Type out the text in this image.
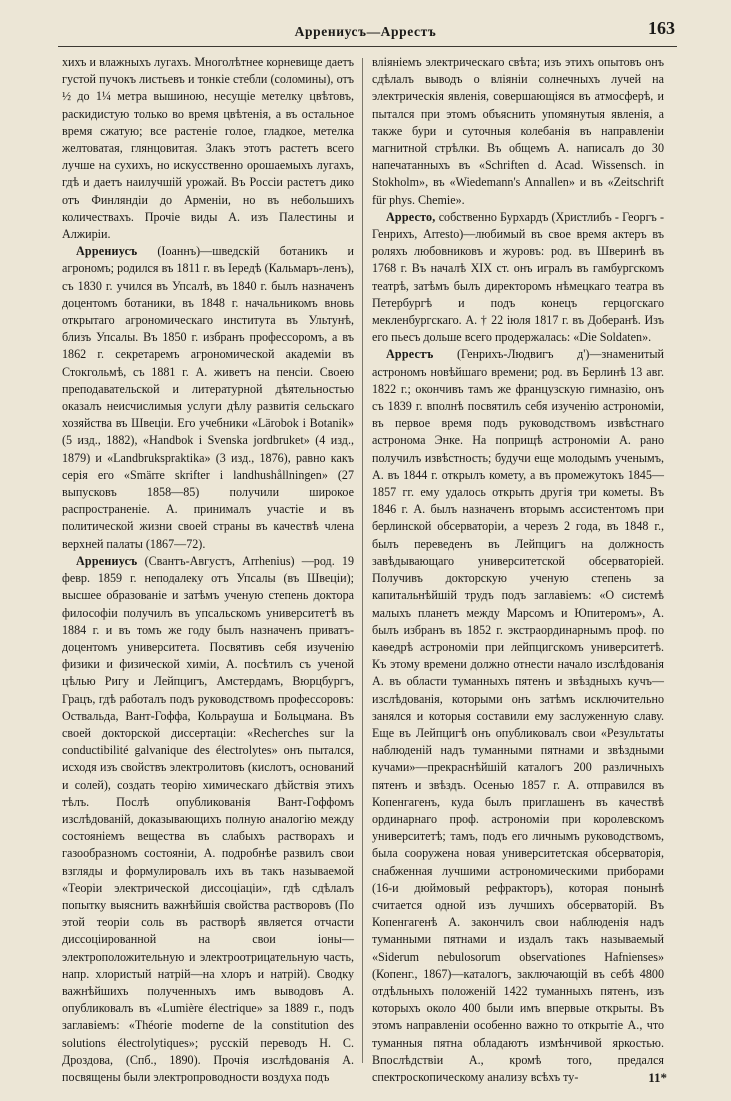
Аррениусъ—Аррестъ	163

хихъ и влажныхъ лугахъ. Многолѣтнее корневище даетъ густой пучокъ листьевъ и тонкіе стебли (соломины), отъ ½ до 1¼ метра вышиною, несущіе метелку цвѣтовъ, раскидистую только во время цвѣтенія, а въ остальное время сжатую; все растеніе голое, гладкое, метелка желтоватая, глянцовитая. Злакъ этотъ растетъ всего лучше на сухихъ, но искусственно орошаемыхъ лугахъ, гдѣ и даетъ наилучшій урожай. Въ Россіи растетъ дико отъ Финляндіи до Арменіи, но въ небольшихъ количествахъ. Прочіе виды А. изъ Палестины и Алжиріи.

Аррениусъ (Іоаннъ)—шведскій ботаникъ и агрономъ; родился въ 1811 г. въ Іередѣ (Кальмаръ-ленъ), съ 1830 г. учился въ Упсалѣ, въ 1840 г. былъ назначенъ доцентомъ ботаники, въ 1848 г. начальникомъ вновь открытаго агрономическаго института въ Ультунѣ, близъ Упсалы. Въ 1850 г. избранъ профессоромъ, а въ 1862 г. секретаремъ агрономической академіи въ Стокгольмѣ, съ 1881 г. А. живетъ на пенсіи. Своею преподавательской и литературной дѣятельностью оказалъ неисчислимыя услуги дѣлу развитія сельскаго хозяйства въ Швеціи. Его учебники «Lärobok i Botanik» (5 изд., 1882), «Handbok i Svenska jordbruket» (4 изд., 1879) и «Landbrukspraktika» (3 изд., 1876), равно какъ серія его «Smärre skrifter i landhushållningen» (27 выпусковъ 1858—85) получили широкое распространеніе. А. принималъ участіе и въ политической жизни своей страны въ качествѣ члена верхней палаты (1867—72).

Аррениусъ (Свантъ-Августъ, Arrhenius) —род. 19 февр. 1859 г. неподалеку отъ Упсалы (въ Швеціи); высшее образованіе и затѣмъ ученую степень доктора философіи получилъ въ упсальскомъ университетѣ въ 1884 г. и въ томъ же году былъ назначенъ приватъ-доцентомъ университета. Посвятивъ себя изученію физики и физической химіи, А. посѣтилъ съ ученой цѣлью Ригу и Лейпцигъ, Амстердамъ, Вюрцбургъ, Грацъ, гдѣ работалъ подъ руководствомъ профессоровъ: Оствальда, Вант-Гоффа, Кольрауша и Больцмана. Въ своей докторской диссертаціи: «Recherches sur la conductibilité galvanique des électrolytes» онъ пытался, исходя изъ свойствъ электролитовъ (кислотъ, оснований и солей), создать теорію химическаго дѣйствія этихъ тѣлъ. Послѣ опубликованія Вант-Гоффомъ изслѣдованій, доказывающихъ полную аналогію между состояніемъ вещества въ слабыхъ растворахъ и газообразномъ состояніи, А. подробнѣе развилъ свои взгляды и формулировалъ ихъ въ такъ называемой «Теоріи электрической диссоціаціи», гдѣ сдѣлалъ попытку выяснить важнѣйшія свойства растворовъ (По этой теоріи соль въ растворѣ является отчасти диссоціированной на свои іоны—электроположительную и электроотрицательную часть, напр. хлористый натрій—на хлоръ и натрій). Сводку важнѣйшихъ полученныхъ имъ выводовъ А. опубликовалъ въ «Lumière électrique» за 1889 г., подъ заглавіемъ: «Théorie moderne de la constitution des solutions électrolytiques»; русскій переводъ Н. С. Дроздова, (Спб., 1890). Прочія изслѣдованія А. посвящены были электропроводности воздуха подъ

вліяніемъ электрическаго свѣта; изъ этихъ опытовъ онъ сдѣлалъ выводъ о вліяніи солнечныхъ лучей на электрическія явленія, совершающіяся въ атмосферѣ, и пытался при этомъ объяснить упомянутыя явленія, а также бури и суточныя колебанія въ направленіи магнитной стрѣлки. Въ общемъ А. написалъ до 30 напечатанныхъ въ «Schriften d. Acad. Wissensch. in Stokholm», въ «Wiedemann's Annallen» и въ «Zeitschrift für phys. Chemie».

Арресто, собственно Бурхардъ (Христлибъ - Георгъ - Генрихъ, Arresto)—любимый въ свое время актеръ въ роляхъ любовниковъ и журовъ: род. въ Шверинѣ въ 1768 г. Въ началѣ XIX ст. онъ игралъ въ гамбургскомъ театрѣ, затѣмъ былъ директоромъ нѣмецкаго театра въ Петербургѣ и подъ конецъ герцогскаго мекленбургскаго. А. † 22 іюля 1817 г. въ Доберанѣ. Изъ его пьесъ дольше всего продержалась: «Die Soldaten».

Аррестъ (Генрихъ-Людвигъ д')—знаменитый астрономъ новѣйшаго времени; род. въ Берлинѣ 13 авг. 1822 г.; окончивъ тамъ же французскую гимназію, онъ съ 1839 г. вполнѣ посвятилъ себя изученію астрономіи, въ первое время подъ руководствомъ извѣстнаго астронома Энке. На поприщѣ астрономіи А. рано получилъ извѣстность; будучи еще молодымъ ученымъ, А. въ 1844 г. открылъ комету, а въ промежутокъ 1845—1857 гг. ему удалось открыть другія три кометы. Въ 1846 г. А. былъ назначенъ вторымъ ассистентомъ при берлинской обсерваторіи, а черезъ 2 года, въ 1848 г., былъ переведенъ въ Лейпцигъ на должность завѣдывающаго университетской обсерваторіей. Получивъ докторскую ученую степень за капитальнѣйшій трудъ подъ заглавіемъ: «О системѣ малыхъ планетъ между Марсомъ и Юпитеромъ», А. былъ избранъ въ 1852 г. экстраординарнымъ проф. по каѳедрѣ астрономіи при лейпцигскомъ университетѣ. Къ этому времени должно отнести начало изслѣдованія А. въ области туманныхъ пятенъ и звѣздныхъ кучъ—изслѣдованія, которыми онъ затѣмъ исключительно занялся и которыя составили ему заслуженную славу. Еще въ Лейпцигѣ онъ опубликовалъ свои «Результаты наблюденій надъ туманными пятнами и звѣздными кучами»—прекраснѣйшій каталогъ 200 различныхъ пятенъ и звѣздъ. Осенью 1857 г. А. отправился въ Копенгагенъ, куда былъ приглашенъ въ качествѣ ординарнаго проф. астрономіи при королевскомъ университетѣ; тамъ, подъ его личнымъ руководствомъ, была сооружена новая университетская обсерваторія, снабженная лучшими астрономическими приборами (16-и дюймовый рефракторъ), которая понынѣ считается одной изъ лучшихъ обсерваторій. Въ Копенгагенѣ А. закончилъ свои наблюденія надъ туманными пятнами и издалъ такъ называемый «Siderum nebulosorum observationes Hafnienses» (Копенг., 1867)—каталогъ, заключающій въ себѣ 4800 отдѣльныхъ положеній 1422 туманныхъ пятенъ, изъ которыхъ около 400 были имъ впервые открыты. Въ этомъ направленіи особенно важно то открытіе А., что туманныя пятна обладаютъ измѣнчивой яркостью. Впослѣдствіи А., кромѣ того, предался спектроскопическому анализу всѣхъ ту-	11*
